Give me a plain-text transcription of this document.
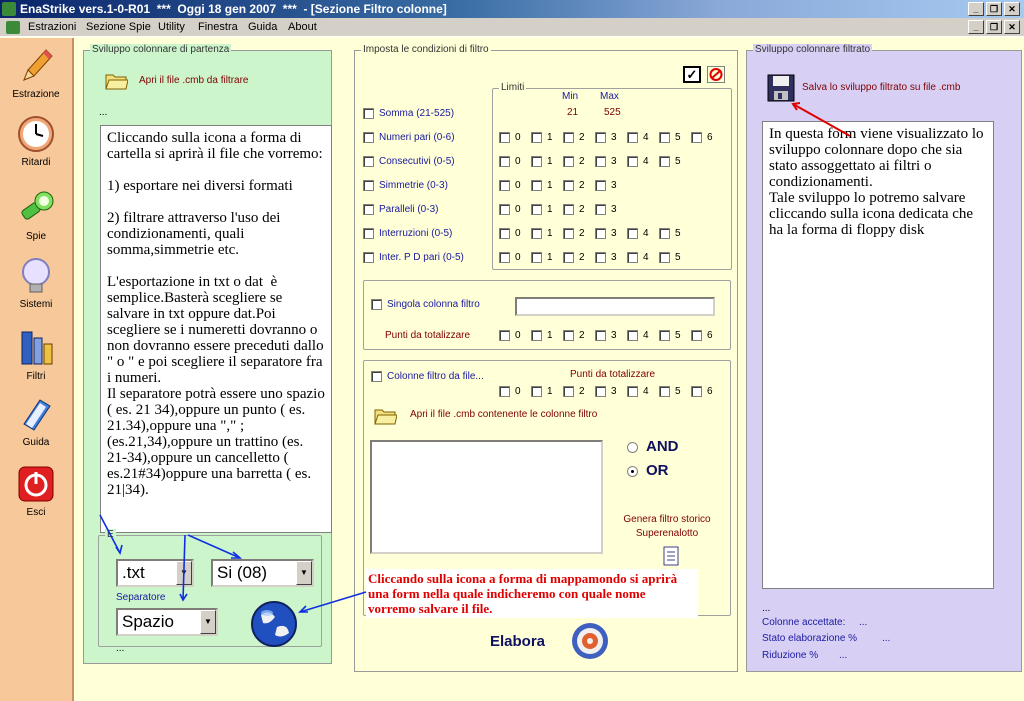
EnaStrike vers.1-0-R01  ***  Oggi 18 gen 2007  ***  - [Sezione Filtro colonne]	_	❐	✕
Estrazioni Sezione Spie Utility Finestra Guida About	_	❐	✕
Estrazione
Ritardi
Spie
Sistemi
Filtri
Guida
Esci
Sviluppo colonnare di partenza
Apri il file .cmb da filtrare
...
Cliccando sulla icona a forma di cartella si aprirà il file che vorremo:

1) esportare nei diversi formati

2) filtrare attraverso l'uso dei condizionamenti, quali somma,simmetrie etc.

L'esportazione in txt o dat  è semplice.Basterà scegliere se salvare in txt oppure dat.Poi scegliere se i numeretti dovranno o non dovranno essere preceduti dallo " o " e poi scegliere il separatore fra i numeri.
Il separatore potrà essere uno spazio ( es. 21 34),oppure un punto ( es. 21.34),oppure una "," ; (es.21,34),oppure un trattino (es. 21-34),oppure un cancelletto ( es.21#34)oppure una barretta ( es. 21|34).
E
.txt	▼	Si (08)	▼
Separatore
Spazio	▼
...
Imposta le condizioni di filtro
✓
Limiti
Min Max
21	525
Somma (21-525)
Numeri pari (0-6)	0	1	2	3	4	5	6
Consecutivi (0-5)	0	1	2	3	4	5
Simmetrie (0-3)	0	1	2	3
Paralleli (0-3)	0	1	2	3
Interruzioni (0-5)	0	1	2	3	4	5
Inter. P D pari (0-5)	0	1	2	3	4	5
Singola colonna filtro
Punti da totalizzare	0	1	2	3	4	5	6
Colonne filtro da file...	Punti da totalizzare
0	1	2	3	4	5	6
Apri il file .cmb contenente le colonne filtro
AND
OR
Genera filtro storico Superenalotto
Elabora
Sviluppo colonnare filtrato
Salva lo sviluppo filtrato su file .cmb
In questa form viene visualizzato lo sviluppo colonnare dopo che sia stato assoggettato ai filtri o condizionamenti.
Tale sviluppo lo potremo salvare cliccando sulla icona dedicata che ha la forma di floppy disk
...
Colonne accettate: ...
Stato elaborazione % ...
Riduzione % ...
Cliccando sulla icona a forma di mappamondo si aprirà una form nella quale indicheremo con quale nome vorremo salvare il file.
